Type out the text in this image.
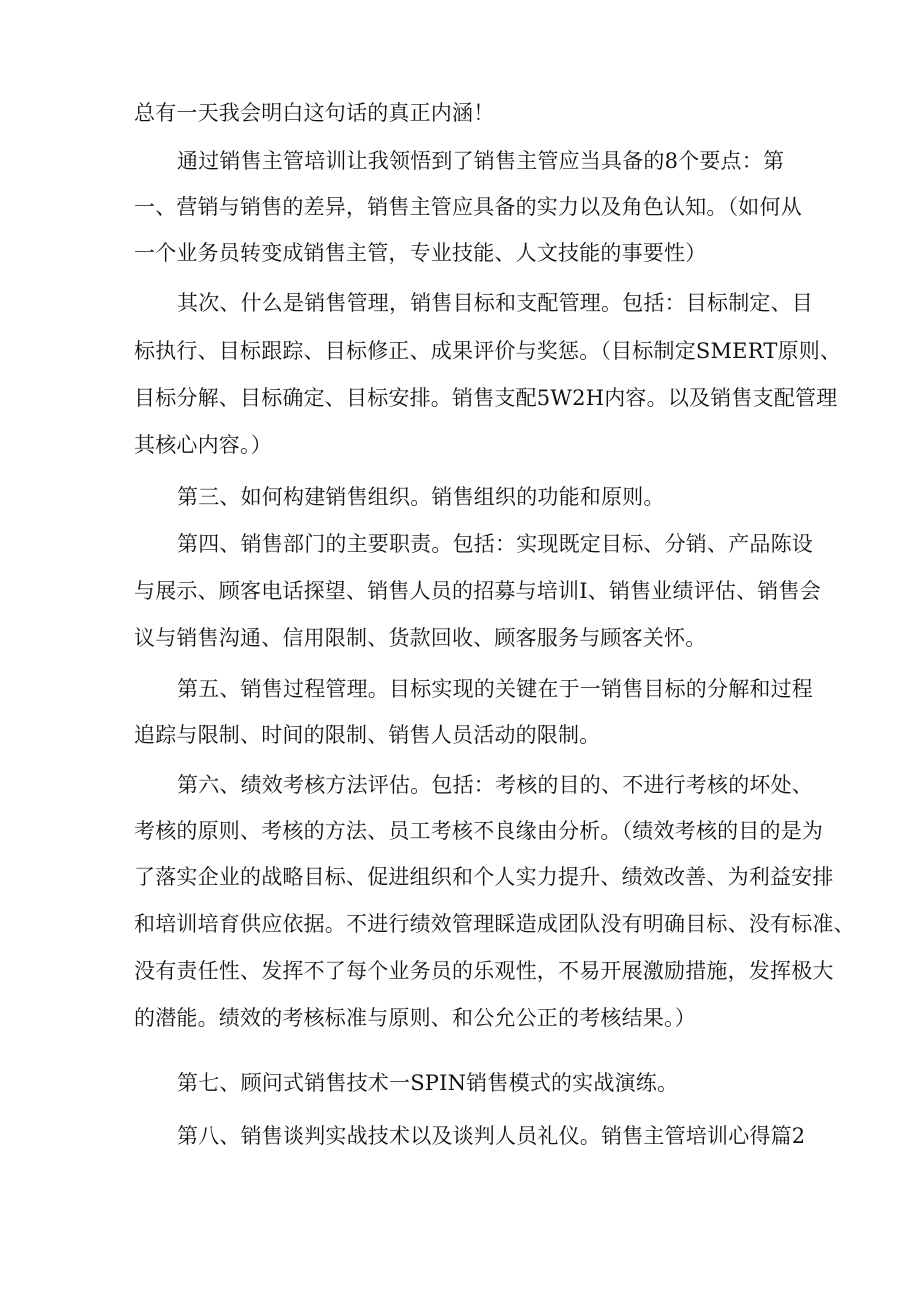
总有一天我会明白这句话的真正内涵！
通过销售主管培训让我领悟到了销售主管应当具备的8个要点：第
一、营销与销售的差异，销售主管应具备的实力以及角色认知。（如何从
一个业务员转变成销售主管，专业技能、人文技能的事要性）
其次、什么是销售管理，销售目标和支配管理。包括：目标制定、目
标执行、目标跟踪、目标修正、成果评价与奖惩。（目标制定SMERT原则、
目标分解、目标确定、目标安排。销售支配5W2H内容。以及销售支配管理
其核心内容。）
第三、如何构建销售组织。销售组织的功能和原则。
第四、销售部门的主要职责。包括：实现既定目标、分销、产品陈设
与展示、顾客电话探望、销售人员的招募与培训I、销售业绩评估、销售会
议与销售沟通、信用限制、货款回收、顾客服务与顾客关怀。
第五、销售过程管理。目标实现的关键在于一销售目标的分解和过程
追踪与限制、时间的限制、销售人员活动的限制。
第六、绩效考核方法评估。包括：考核的目的、不进行考核的坏处、
考核的原则、考核的方法、员工考核不良缘由分析。（绩效考核的目的是为
了落实企业的战略目标、促进组织和个人实力提升、绩效改善、为利益安排
和培训培育供应依据。不进行绩效管理睬造成团队没有明确目标、没有标准、
没有责任性、发挥不了每个业务员的乐观性，不易开展激励措施，发挥极大
的潜能。绩效的考核标准与原则、和公允公正的考核结果。）
第七、顾问式销售技术一SPIN销售模式的实战演练。
第八、销售谈判实战技术以及谈判人员礼仪。销售主管培训心得篇2
